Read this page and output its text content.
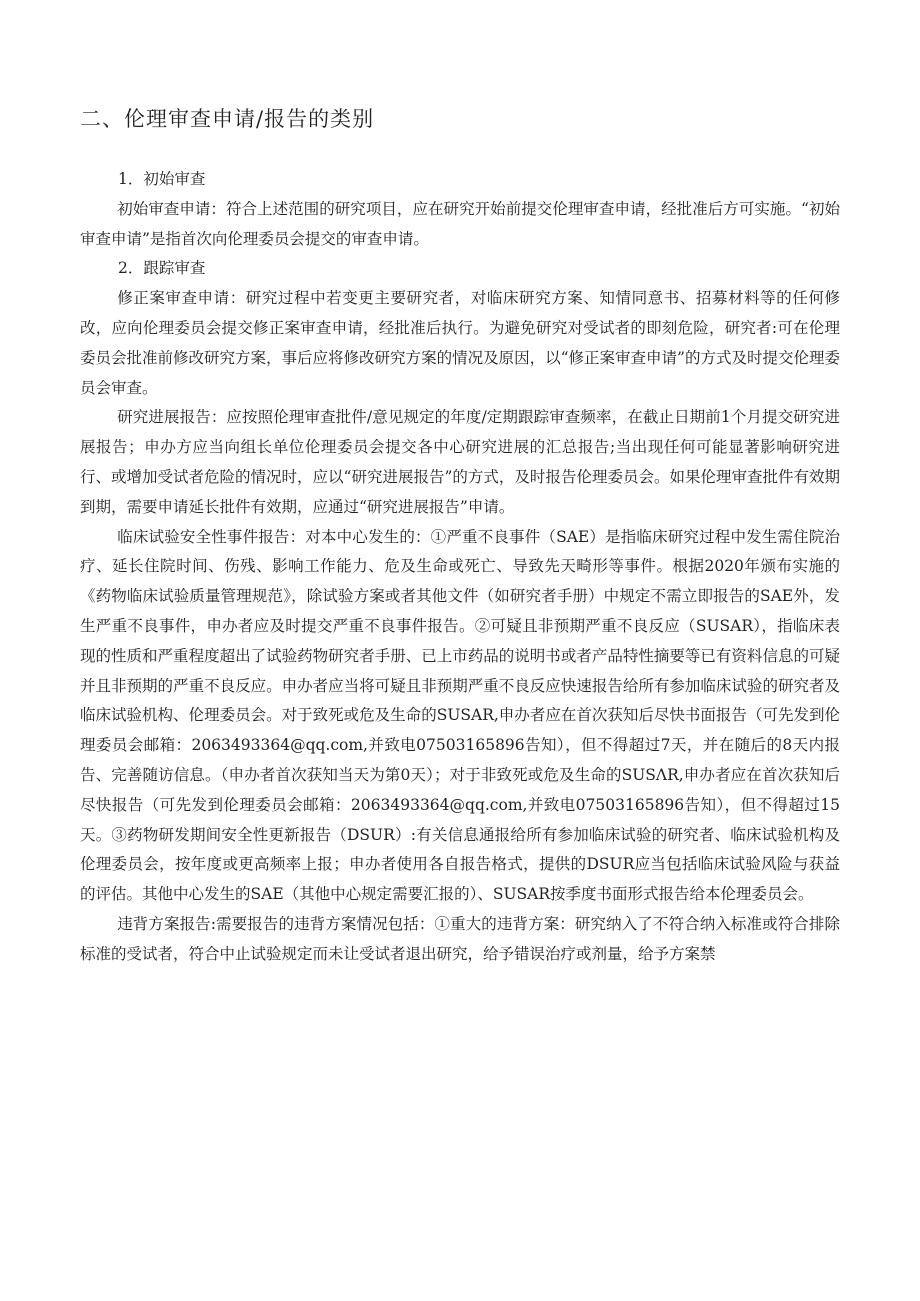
二、伦理审查申请/报告的类别

1．初始审查

初始审查申请：符合上述范围的研究项目，应在研究开始前提交伦理审查申请，经批准后方可实施。“初始审查申请”是指首次向伦理委员会提交的审查申请。

2．跟踪审查

修正案审查申请：研究过程中若变更主要研究者，对临床研究方案、知情同意书、招募材料等的任何修改，应向伦理委员会提交修正案审查申请，经批准后执行。为避免研究对受试者的即刻危险，研究者:可在伦理委员会批准前修改研究方案，事后应将修改研究方案的情况及原因，以“修正案审查申请”的方式及时提交伦理委员会审查。

研究进展报告：应按照伦理审查批件/意见规定的年度/定期跟踪审查频率，在截止日期前1个月提交研究进展报告；申办方应当向组长单位伦理委员会提交各中心研究进展的汇总报告;当出现任何可能显著影响研究进行、或增加受试者危险的情况时，应以“研究进展报告”的方式，及时报告伦理委员会。如果伦理审查批件有效期到期，需要申请延长批件有效期，应通过“研究进展报告”申请。

临床试验安全性事件报告：对本中心发生的：①严重不良事件（SAE）是指临床研究过程中发生需住院治疗、延长住院时间、伤残、影响工作能力、危及生命或死亡、导致先天畸形等事件。根据2020年颁布实施的《药物临床试验质量管理规范》，除试验方案或者其他文件（如研究者手册）中规定不需立即报告的SAE外，发生严重不良事件，申办者应及时提交严重不良事件报告。②可疑且非预期严重不良反应（SUSAR），指临床表现的性质和严重程度超出了试验药物研究者手册、已上市药品的说明书或者产品特性摘要等已有资料信息的可疑并且非预期的严重不良反应。申办者应当将可疑且非预期严重不良反应快速报告给所有参加临床试验的研究者及临床试验机构、伦理委员会。对于致死或危及生命的SUSAR,申办者应在首次获知后尽快书面报告（可先发到伦理委员会邮箱：2063493364@qq.com,并致电07503165896告知），但不得超过7天，并在随后的8天内报告、完善随访信息。（申办者首次获知当天为第0天）；对于非致死或危及生命的SUSΛR,申办者应在首次获知后尽快报告（可先发到伦理委员会邮箱：2063493364@qq.com,并致电07503165896告知），但不得超过15天。③药物研发期间安全性更新报告（DSUR）:有关信息通报给所有参加临床试验的研究者、临床试验机构及伦理委员会，按年度或更高频率上报；申办者使用各自报告格式，提供的DSUR应当包括临床试验风险与获益的评估。其他中心发生的SAE（其他中心规定需要汇报的）、SUSAR按季度书面形式报告给本伦理委员会。

违背方案报告:需要报告的违背方案情况包括：①重大的违背方案：研究纳入了不符合纳入标准或符合排除标准的受试者，符合中止试验规定而未让受试者退出研究，给予错误治疗或剂量，给予方案禁
